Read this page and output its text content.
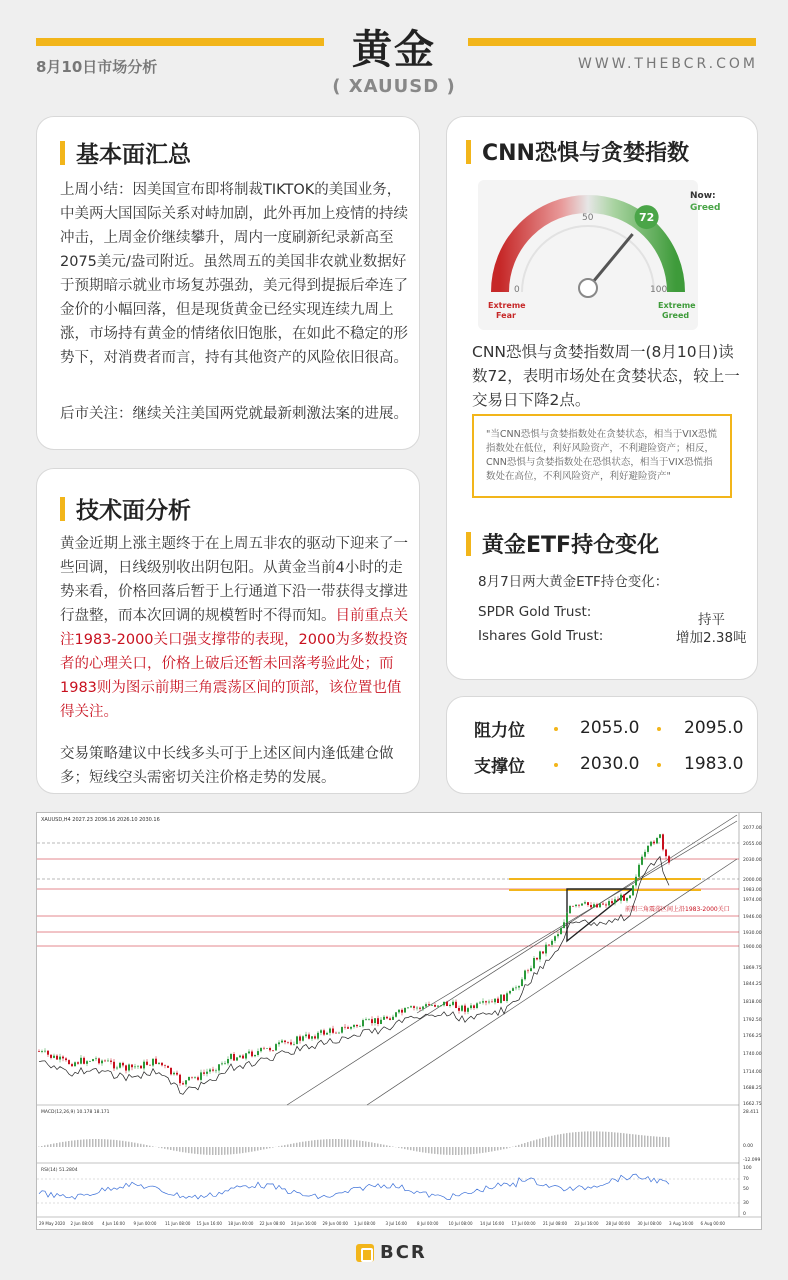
黄金
( XAUUSD )
8月10日市场分析	WWW.THEBCR.COM
基本面汇总
上周小结：因美国宣布即将制裁TIKTOK的美国业务，中美两大国国际关系对峙加剧，此外再加上疫情的持续冲击，上周金价继续攀升，周内一度刷新纪录新高至2075美元/盎司附近。虽然周五的美国非农就业数据好于预期暗示就业市场复苏强劲，美元得到提振后牵连了金价的小幅回落，但是现货黄金已经实现连续九周上涨，市场持有黄金的情绪依旧饱胀，在如此不稳定的形势下，对消费者而言，持有其他资产的风险依旧很高。
后市关注：继续关注美国两党就最新刺激法案的进展。
技术面分析
黄金近期上涨主题终于在上周五非农的驱动下迎来了一些回调，日线级别收出阴包阳。从黄金当前4小时的走势来看，价格回落后暂于上行通道下沿一带获得支撑进行盘整，而本次回调的规模暂时不得而知。目前重点关注1983-2000关口强支撑带的表现，2000为多数投资者的心理关口，价格上破后还暂未回落考验此处；而1983则为图示前期三角震荡区间的顶部，该位置也值得关注。
交易策略建议中长线多头可于上述区间内逢低建仓做多；短线空头需密切关注价格走势的发展。
CNN恐惧与贪婪指数
0
50
100
Extreme Fear
Extreme Greed
72
Now:
Greed
CNN恐惧与贪婪指数周一(8月10日)读数72，表明市场处在贪婪状态，较上一交易日下降2点。
"当CNN恐惧与贪婪指数处在贪婪状态，相当于VIX恐慌指数处在低位，利好风险资产，不利避险资产；相反，CNN恐惧与贪婪指数处在恐惧状态，相当于VIX恐慌指数处在高位，不利风险资产，利好避险资产"
黄金ETF持仓变化
8月7日两大黄金ETF持仓变化：
SPDR Gold Trust:	持平
Ishares Gold Trust:	增加2.38吨
阻力位	2055.0	2095.0
支撑位	2030.0	1983.0
XAUUSD,H4 2027.23 2036.16 2026.10 2030.16
前期三角震荡区间上沿1983-2000关口
MACD(12,26,9) 10.178 18.171
RSI(14) 51.2804
2077.00
2055.00
2030.00
2000.00
1983.00
1974.00
1946.00
1930.00
1900.00
1869.75
1844.25
1818.00
1792.50
1766.25
1740.00
1714.00
1688.25
1662.75
29 May 2020 2 Jun 08:00 4 Jun 16:00 9 Jun 00:00 11 Jun 08:00 15 Jun 16:00 18 Jun 00:00 22 Jun 08:00 24 Jun 16:00 29 Jun 00:00 1 Jul 08:00	3 Jul 16:00	8 Jul 00:00	10 Jul 08:00 14 Jul 16:00 17 Jul 00:00 21 Jul 08:00 23 Jul 16:00 28 Jul 00:00 30 Jul 08:00 3 Aug 16:00 6 Aug 00:00
28.411
0.00
-12.099
100
70
50
30
0
BCR
